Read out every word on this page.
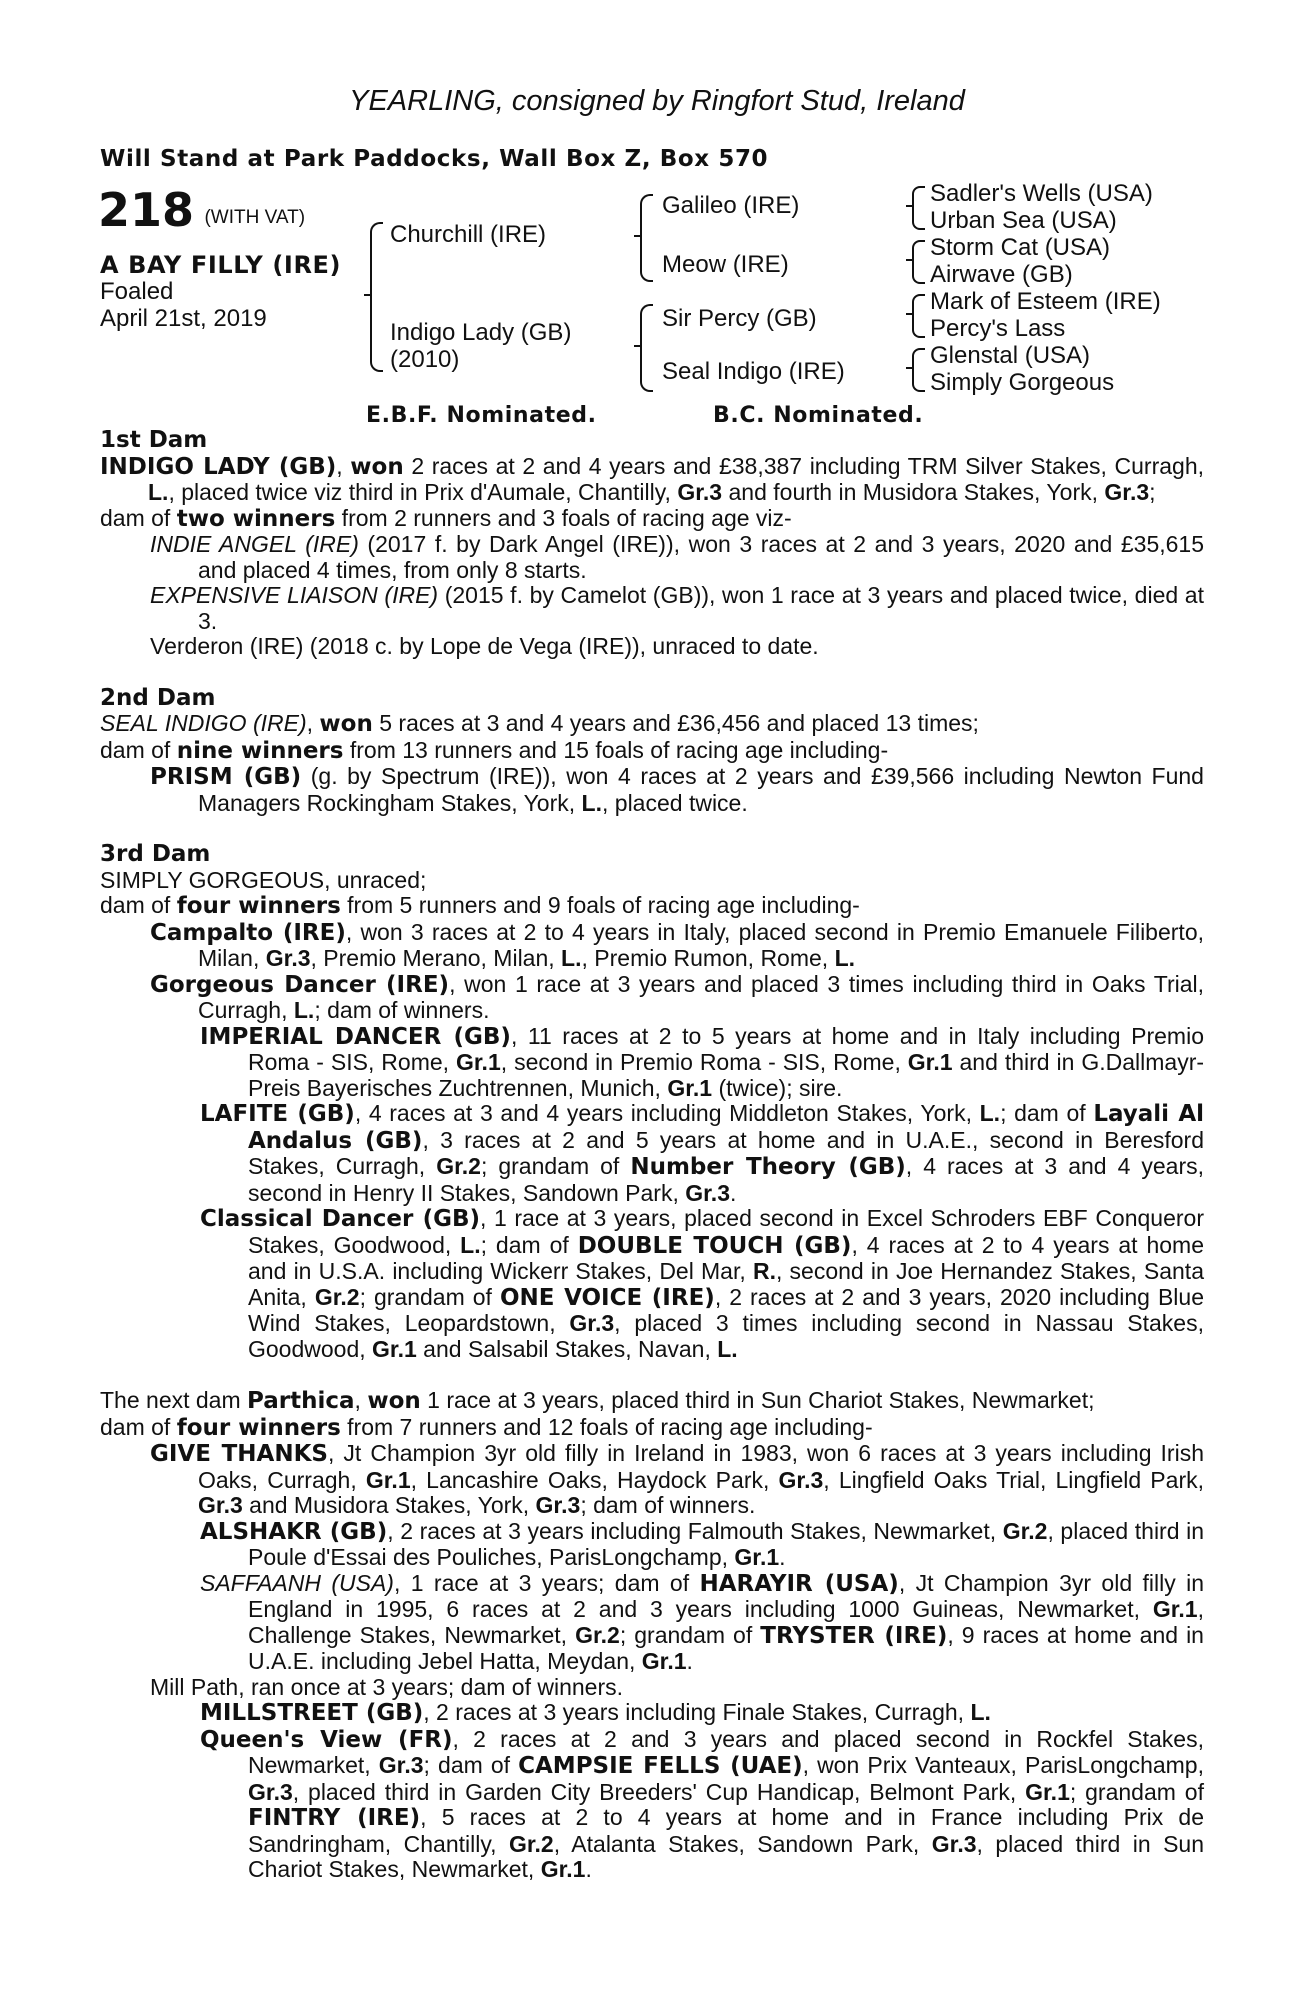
YEARLING, consigned by Ringfort Stud, Ireland
Will Stand at Park Paddocks, Wall Box Z, Box 570
218 (WITH VAT)
A BAY FILLY (IRE)
Foaled
April 21st, 2019
Churchill (IRE)
Indigo Lady (GB)
(2010)
Galileo (IRE)
Meow (IRE)
Sir Percy (GB)
Seal Indigo (IRE)
Sadler's Wells (USA)
Urban Sea (USA)
Storm Cat (USA)
Airwave (GB)
Mark of Esteem (IRE)
Percy's Lass
Glenstal (USA)
Simply Gorgeous
E.B.F. Nominated.	B.C. Nominated.
1st Dam

INDIGO LADY (GB), won 2 races at 2 and 4 years and £38,387 including TRM Silver Stakes, Curragh, L., placed twice viz third in Prix d'Aumale, Chantilly, Gr.3 and fourth in Musidora Stakes, York, Gr.3;

dam of two winners from 2 runners and 3 foals of racing age viz-

INDIE ANGEL (IRE) (2017 f. by Dark Angel (IRE)), won 3 races at 2 and 3 years, 2020 and £35,615 and placed 4 times, from only 8 starts.

EXPENSIVE LIAISON (IRE) (2015 f. by Camelot (GB)), won 1 race at 3 years and placed twice, died at 3.

Verderon (IRE) (2018 c. by Lope de Vega (IRE)), unraced to date.

2nd Dam

SEAL INDIGO (IRE), won 5 races at 3 and 4 years and £36,456 and placed 13 times;

dam of nine winners from 13 runners and 15 foals of racing age including-

PRISM (GB) (g. by Spectrum (IRE)), won 4 races at 2 years and £39,566 including Newton Fund Managers Rockingham Stakes, York, L., placed twice.

3rd Dam

SIMPLY GORGEOUS, unraced;

dam of four winners from 5 runners and 9 foals of racing age including-

Campalto (IRE), won 3 races at 2 to 4 years in Italy, placed second in Premio Emanuele Filiberto, Milan, Gr.3, Premio Merano, Milan, L., Premio Rumon, Rome, L.

Gorgeous Dancer (IRE), won 1 race at 3 years and placed 3 times including third in Oaks Trial, Curragh, L.; dam of winners.

IMPERIAL DANCER (GB), 11 races at 2 to 5 years at home and in Italy including Premio Roma - SIS, Rome, Gr.1, second in Premio Roma - SIS, Rome, Gr.1 and third in G.Dallmayr-Preis Bayerisches Zuchtrennen, Munich, Gr.1 (twice); sire.

LAFITE (GB), 4 races at 3 and 4 years including Middleton Stakes, York, L.; dam of Layali Al Andalus (GB), 3 races at 2 and 5 years at home and in U.A.E., second in Beresford Stakes, Curragh, Gr.2; grandam of Number Theory (GB), 4 races at 3 and 4 years, second in Henry II Stakes, Sandown Park, Gr.3.

Classical Dancer (GB), 1 race at 3 years, placed second in Excel Schroders EBF Conqueror Stakes, Goodwood, L.; dam of DOUBLE TOUCH (GB), 4 races at 2 to 4 years at home and in U.S.A. including Wickerr Stakes, Del Mar, R., second in Joe Hernandez Stakes, Santa Anita, Gr.2; grandam of ONE VOICE (IRE), 2 races at 2 and 3 years, 2020 including Blue Wind Stakes, Leopardstown, Gr.3, placed 3 times including second in Nassau Stakes, Goodwood, Gr.1 and Salsabil Stakes, Navan, L.

The next dam Parthica, won 1 race at 3 years, placed third in Sun Chariot Stakes, Newmarket;

dam of four winners from 7 runners and 12 foals of racing age including-

GIVE THANKS, Jt Champion 3yr old filly in Ireland in 1983, won 6 races at 3 years including Irish Oaks, Curragh, Gr.1, Lancashire Oaks, Haydock Park, Gr.3, Lingfield Oaks Trial, Lingfield Park, Gr.3 and Musidora Stakes, York, Gr.3; dam of winners.

ALSHAKR (GB), 2 races at 3 years including Falmouth Stakes, Newmarket, Gr.2, placed third in Poule d'Essai des Pouliches, ParisLongchamp, Gr.1.

SAFFAANH (USA), 1 race at 3 years; dam of HARAYIR (USA), Jt Champion 3yr old filly in England in 1995, 6 races at 2 and 3 years including 1000 Guineas, Newmarket, Gr.1, Challenge Stakes, Newmarket, Gr.2; grandam of TRYSTER (IRE), 9 races at home and in U.A.E. including Jebel Hatta, Meydan, Gr.1.

Mill Path, ran once at 3 years; dam of winners.

MILLSTREET (GB), 2 races at 3 years including Finale Stakes, Curragh, L.

Queen's View (FR), 2 races at 2 and 3 years and placed second in Rockfel Stakes, Newmarket, Gr.3; dam of CAMPSIE FELLS (UAE), won Prix Vanteaux, ParisLongchamp, Gr.3, placed third in Garden City Breeders' Cup Handicap, Belmont Park, Gr.1; grandam of FINTRY (IRE), 5 races at 2 to 4 years at home and in France including Prix de Sandringham, Chantilly, Gr.2, Atalanta Stakes, Sandown Park, Gr.3, placed third in Sun Chariot Stakes, Newmarket, Gr.1.
